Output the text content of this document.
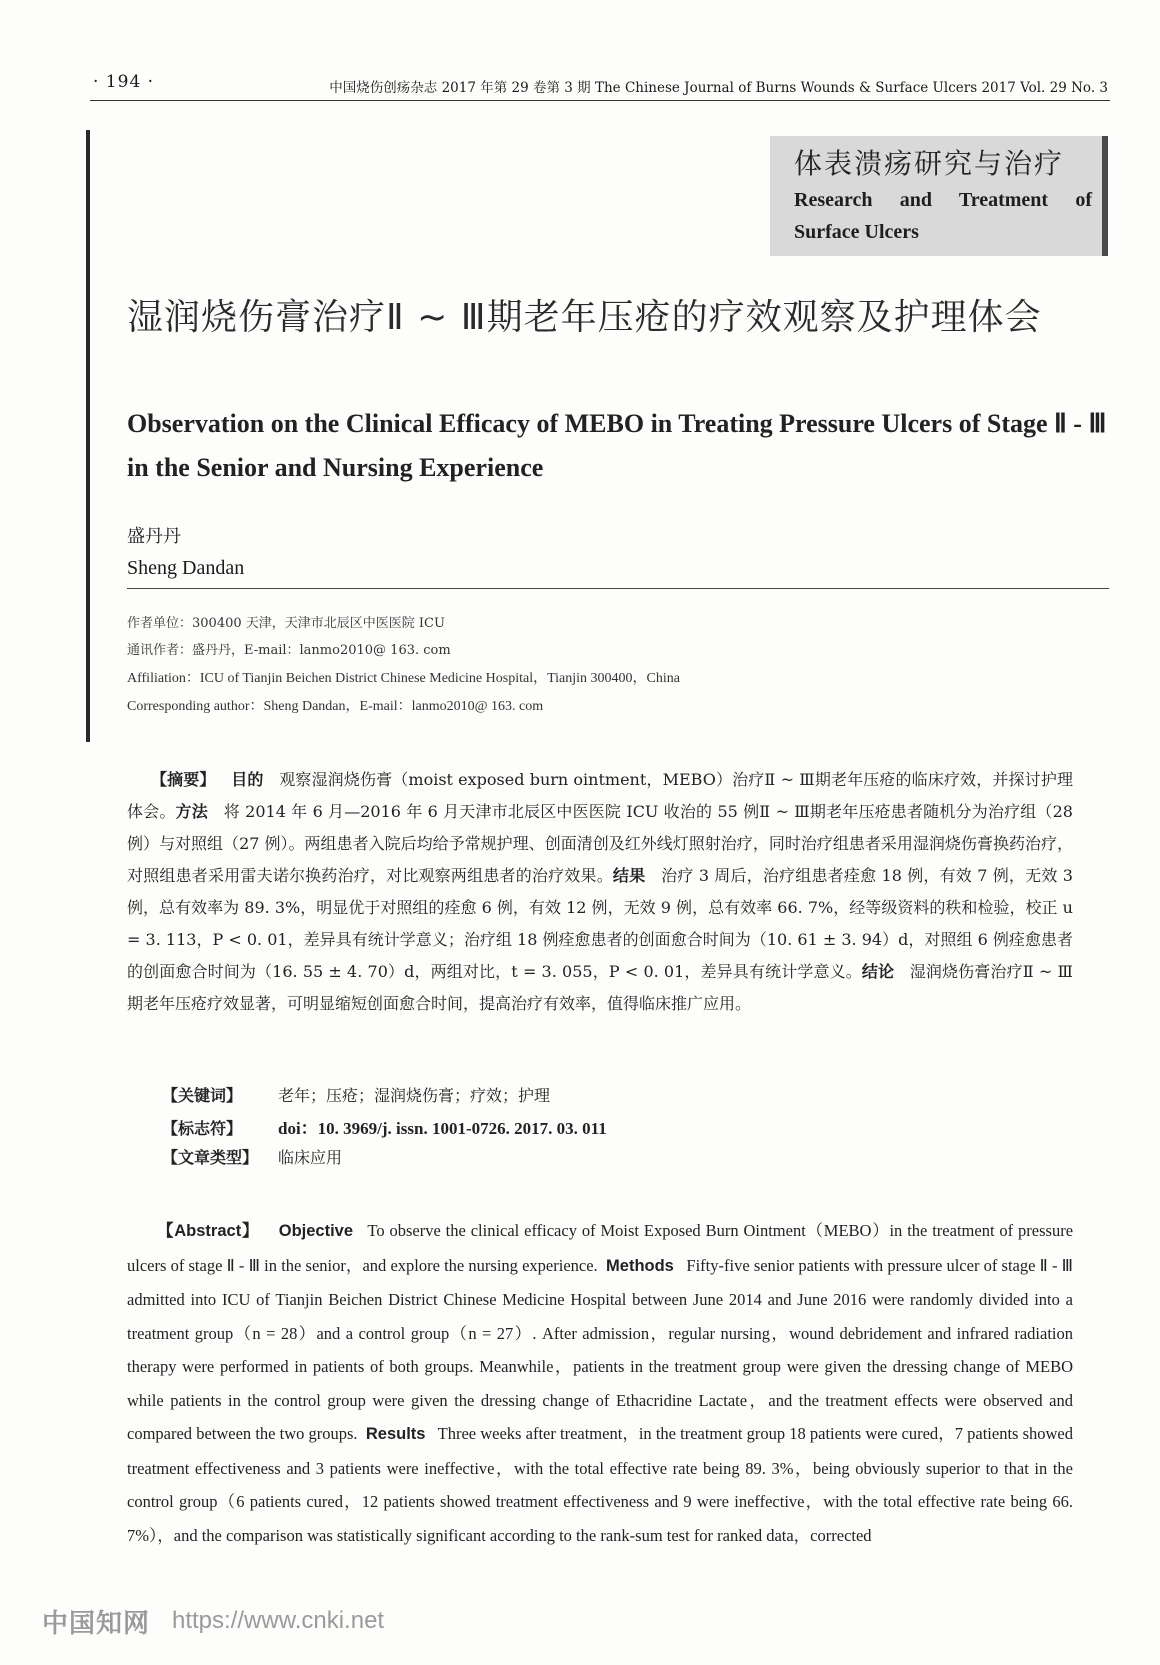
· 194 ·	中国烧伤创疡杂志 2017 年第 29 卷第 3 期 The Chinese Journal of Burns Wounds & Surface Ulcers 2017 Vol. 29 No. 3
体表溃疡研究与治疗
Research and Treatment of
Surface Ulcers
湿润烧伤膏治疗Ⅱ ~ Ⅲ期老年压疮的疗效观察及护理体会
Observation on the Clinical Efficacy of MEBO in Treating Pressure Ulcers of Stage Ⅱ - Ⅲ in the Senior and Nursing Experience
盛丹丹
Sheng Dandan
作者单位：300400 天津，天津市北辰区中医医院 ICU
通讯作者：盛丹丹，E-mail：lanmo2010@ 163. com
Affiliation：ICU of Tianjin Beichen District Chinese Medicine Hospital，Tianjin 300400，China
Corresponding author：Sheng Dandan，E-mail：lanmo2010@ 163. com
【摘要】 目的 观察湿润烧伤膏（moist exposed burn ointment，MEBO）治疗Ⅱ ~ Ⅲ期老年压疮的临床疗效，并探讨护理体会。方法 将 2014 年 6 月—2016 年 6 月天津市北辰区中医医院 ICU 收治的 55 例Ⅱ ~ Ⅲ期老年压疮患者随机分为治疗组（28 例）与对照组（27 例）。两组患者入院后均给予常规护理、创面清创及红外线灯照射治疗，同时治疗组患者采用湿润烧伤膏换药治疗，对照组患者采用雷夫诺尔换药治疗，对比观察两组患者的治疗效果。结果 治疗 3 周后，治疗组患者痊愈 18 例，有效 7 例，无效 3 例，总有效率为 89. 3%，明显优于对照组的痊愈 6 例，有效 12 例，无效 9 例，总有效率 66. 7%，经等级资料的秩和检验，校正 u = 3. 113，P < 0. 01，差异具有统计学意义；治疗组 18 例痊愈患者的创面愈合时间为（10. 61 ± 3. 94）d，对照组 6 例痊愈患者的创面愈合时间为（16. 55 ± 4. 70）d，两组对比，t = 3. 055，P < 0. 01，差异具有统计学意义。结论 湿润烧伤膏治疗Ⅱ ~ Ⅲ期老年压疮疗效显著，可明显缩短创面愈合时间，提高治疗有效率，值得临床推广应用。
【关键词】 老年；压疮；湿润烧伤膏；疗效；护理
【标志符】 doi：10. 3969/j. issn. 1001-0726. 2017. 03. 011
【文章类型】 临床应用
【Abstract】 Objective To observe the clinical efficacy of Moist Exposed Burn Ointment（MEBO）in the treatment of pressure ulcers of stage Ⅱ - Ⅲ in the senior，and explore the nursing experience. Methods Fifty-five senior patients with pressure ulcer of stage Ⅱ - Ⅲ admitted into ICU of Tianjin Beichen District Chinese Medicine Hospital between June 2014 and June 2016 were randomly divided into a treatment group（n = 28）and a control group（n = 27）. After admission，regular nursing，wound debridement and infrared radiation therapy were performed in patients of both groups. Meanwhile，patients in the treatment group were given the dressing change of MEBO while patients in the control group were given the dressing change of Ethacridine Lactate，and the treatment effects were observed and compared between the two groups. Results Three weeks after treatment，in the treatment group 18 patients were cured，7 patients showed treatment effectiveness and 3 patients were ineffective，with the total effective rate being 89. 3%，being obviously superior to that in the control group（6 patients cured，12 patients showed treatment effectiveness and 9 were ineffective，with the total effective rate being 66. 7%），and the comparison was statistically significant according to the rank-sum test for ranked data，corrected
中国知网 https://www.cnki.net
